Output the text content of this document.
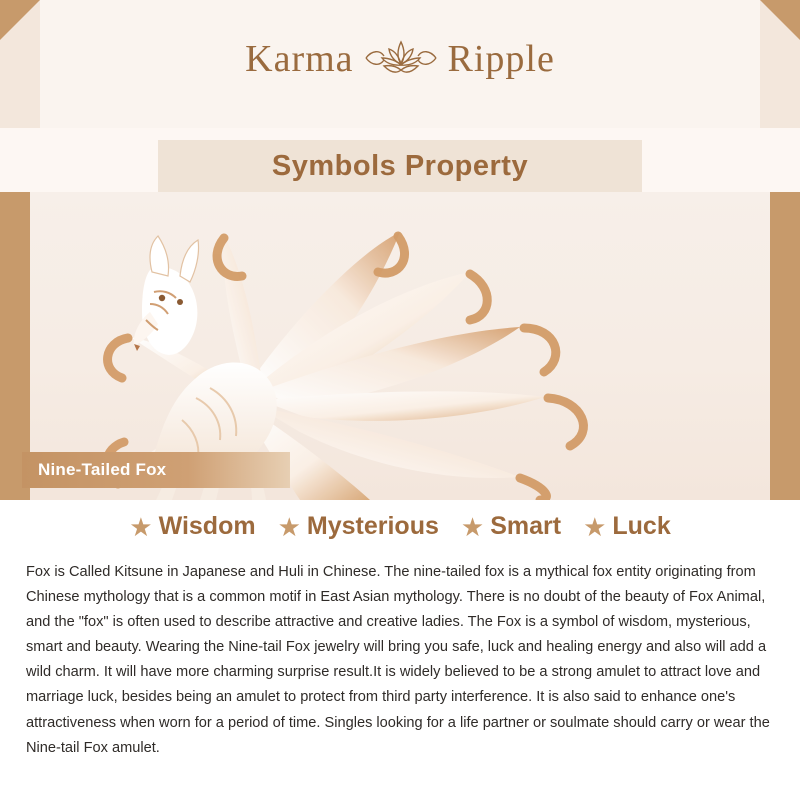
Karma Ripple
Symbols Property
Nine-Tailed Fox
★ Wisdom ★ Mysterious ★ Smart ★ Luck
Fox is Called Kitsune in Japanese and Huli in Chinese. The nine-tailed fox is a mythical fox entity originating from Chinese mythology that is a common motif in East Asian mythology. There is no doubt of the beauty of Fox Animal, and the "fox" is often used to describe attractive and creative ladies. The Fox is a symbol of wisdom, mysterious, smart and beauty. Wearing the Nine-tail Fox jewelry will bring you safe, luck and healing energy and also will add a wild charm. It will have more charming surprise result.It is widely believed to be a strong amulet to attract love and marriage luck, besides being an amulet to protect from third party interference. It is also said to enhance one's attractiveness when worn for a period of time. Singles looking for a life partner or soulmate should carry or wear the Nine-tail Fox amulet.
